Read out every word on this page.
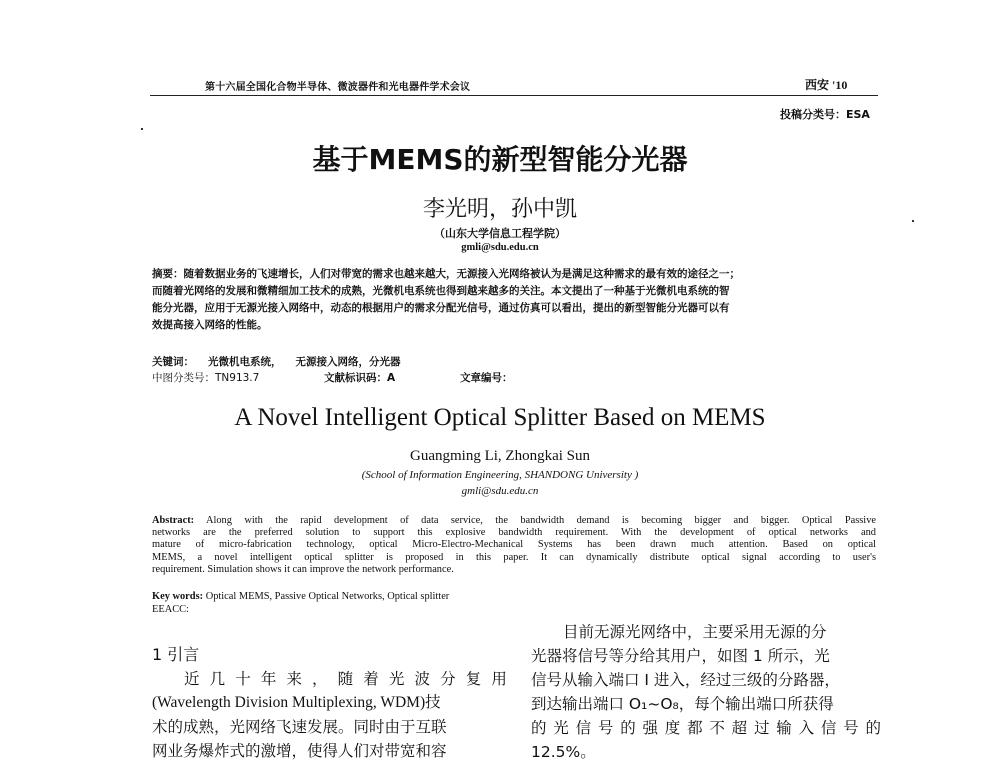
第十六届全国化合物半导体、微波器件和光电器件学术会议	西安 '10
投稿分类号：ESA
基于MEMS的新型智能分光器
李光明，孙中凯
（山东大学信息工程学院）
gmli@sdu.edu.cn
摘要：随着数据业务的飞速增长，人们对带宽的需求也越来越大，无源接入光网络被认为是满足这种需求的最有效的途径之一；
而随着光网络的发展和微精细加工技术的成熟，光微机电系统也得到越来越多的关注。本文提出了一种基于光微机电系统的智
能分光器，应用于无源光接入网络中，动态的根据用户的需求分配光信号，通过仿真可以看出，提出的新型智能分光器可以有
效提高接入网络的性能。
关键词： 光微机电系统， 无源接入网络，分光器
中图分类号：TN913.7	文献标识码：A	文章编号：
A Novel Intelligent Optical Splitter Based on MEMS
Guangming Li, Zhongkai Sun
(School of Information Engineering, SHANDONG University )
gmli@sdu.edu.cn
Abstract: Along with the rapid development of data service, the bandwidth demand is becoming bigger and bigger. Optical Passive
networks are the preferred solution to support this explosive bandwidth requirement. With the development of optical networks and
mature of micro-fabrication technology, optical Micro-Electro-Mechanical Systems has been drawn much attention. Based on optical
MEMS, a novel intelligent optical splitter is proposed in this paper. It can dynamically distribute optical signal according to user's
requirement. Simulation shows it can improve the network performance.
Key words: Optical MEMS, Passive Optical Networks, Optical splitter
EEACC:
1 引言
近 几 十 年 来 ， 随 着 光 波 分 复 用
(Wavelength Division Multiplexing, WDM)技
术的成熟，光网络飞速发展。同时由于互联
网业务爆炸式的激增，使得人们对带宽和容
目前无源光网络中，主要采用无源的分
光器将信号等分给其用户，如图 1 所示，光
信号从输入端口 I 进入，经过三级的分路器，
到达输出端口 O₁~O₈，每个输出端口所获得
的 光 信 号 的 强 度 都 不 超 过 输 入 信 号 的
12.5%。
